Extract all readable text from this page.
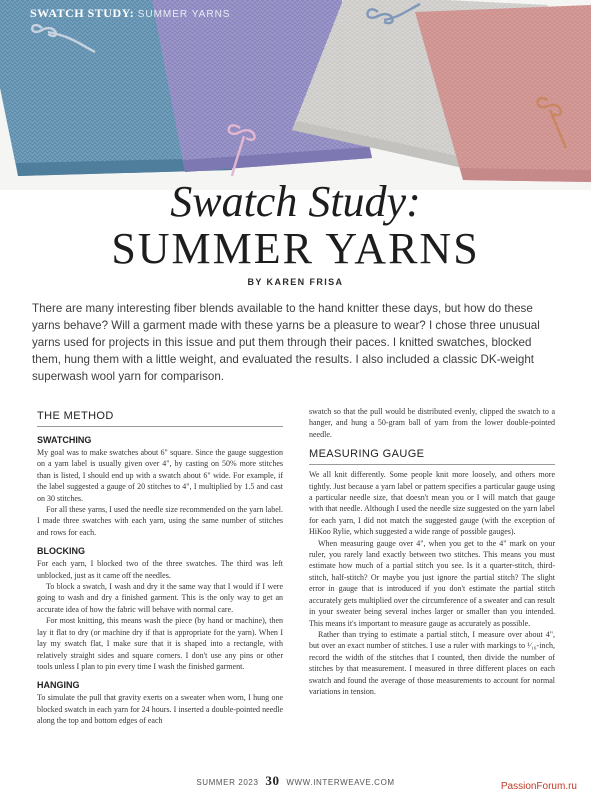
SWATCH STUDY: SUMMER YARNS
Swatch Study:
SUMMER YARNS
BY KAREN FRISA

There are many interesting fiber blends available to the hand knitter these days, but how do these yarns behave? Will a garment made with these yarns be a pleasure to wear? I chose three unusual yarns used for projects in this issue and put them through their paces. I knitted swatches, blocked them, hung them with a little weight, and evaluated the results. I also included a classic DK-weight superwash wool yarn for comparison.

THE METHOD
SWATCHING

My goal was to make swatches about 6" square. Since the gauge suggestion on a yarn label is usually given over 4", by casting on 50% more stitches than is listed, I should end up with a swatch about 6" wide. For example, if the label suggested a gauge of 20 stitches to 4", I multiplied by 1.5 and cast on 30 stitches.

For all these yarns, I used the needle size recommended on the yarn label. I made three swatches with each yarn, using the same number of stitches and rows for each.

BLOCKING

For each yarn, I blocked two of the three swatches. The third was left unblocked, just as it came off the needles.

To block a swatch, I wash and dry it the same way that I would if I were going to wash and dry a finished garment. This is the only way to get an accurate idea of how the fabric will behave with normal care.

For most knitting, this means wash the piece (by hand or machine), then lay it flat to dry (or machine dry if that is appropriate for the yarn). When I lay my swatch flat, I make sure that it is shaped into a rectangle, with relatively straight sides and square corners. I don't use any pins or other tools unless I plan to pin every time I wash the finished garment.

HANGING

To simulate the pull that gravity exerts on a sweater when worn, I hung one blocked swatch in each yarn for 24 hours. I inserted a double-pointed needle along the top and bottom edges of each

swatch so that the pull would be distributed evenly, clipped the swatch to a hanger, and hung a 50-gram ball of yarn from the lower double-pointed needle.

MEASURING GAUGE

We all knit differently. Some people knit more loosely, and others more tightly. Just because a yarn label or pattern specifies a particular gauge using a particular needle size, that doesn't mean you or I will match that gauge with that needle. Although I used the needle size suggested on the yarn label for each yarn, I did not match the suggested gauge (with the exception of HiKoo Rylie, which suggested a wide range of possible gauges).

When measuring gauge over 4", when you get to the 4" mark on your ruler, you rarely land exactly between two stitches. This means you must estimate how much of a partial stitch you see. Is it a quarter-stitch, third-stitch, half-stitch? Or maybe you just ignore the partial stitch? The slight error in gauge that is introduced if you don't estimate the partial stitch accurately gets multiplied over the circumference of a sweater and can result in your sweater being several inches larger or smaller than you intended. This means it's important to measure gauge as accurately as possible.

Rather than trying to estimate a partial stitch, I measure over about 4", but over an exact number of stitches. I use a ruler with markings to ¹⁄₁₆-inch, record the width of the stitches that I counted, then divide the number of stitches by that measurement. I measured in three different places on each swatch and found the average of those measurements to account for normal variations in tension.

SUMMER 2023 30 WWW.INTERWEAVE.COM	PassionForum.ru
